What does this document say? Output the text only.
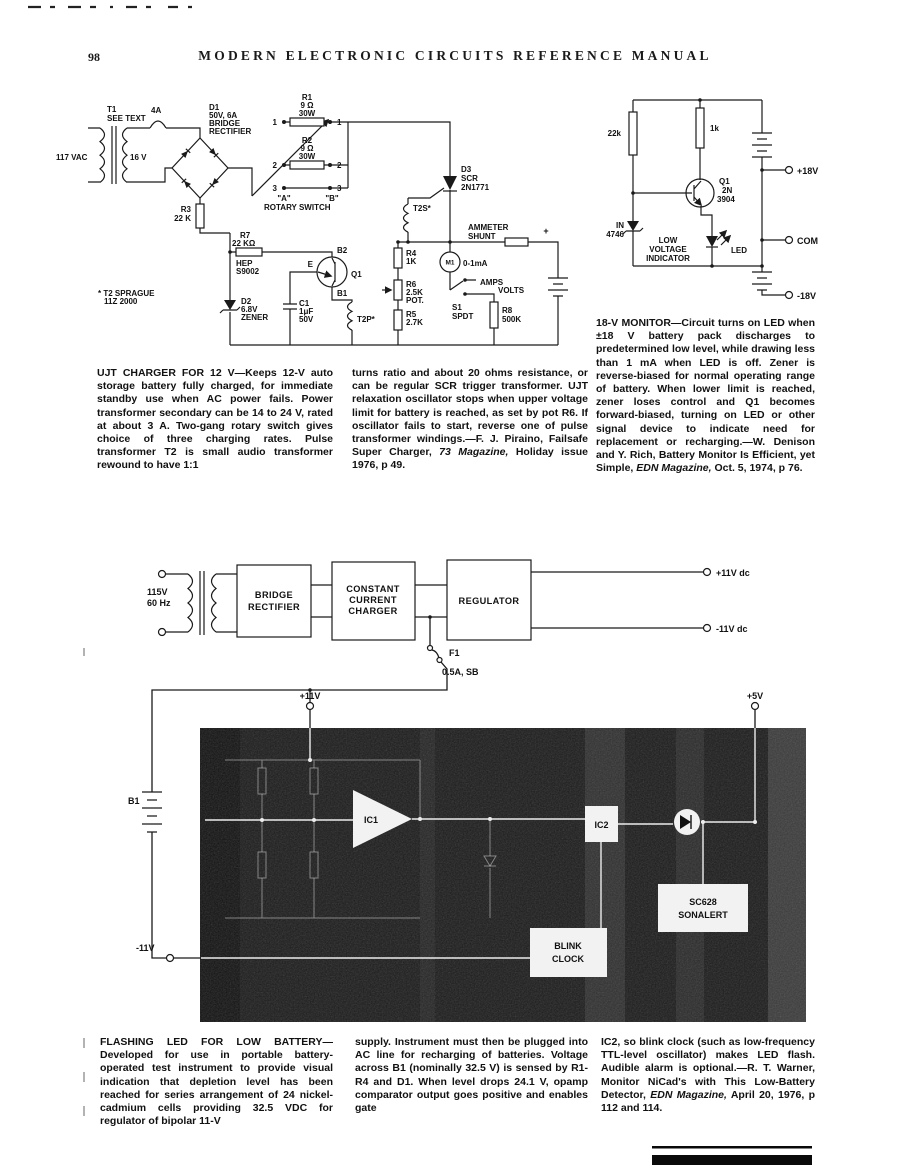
98	MODERN ELECTRONIC CIRCUITS REFERENCE MANUAL
T1
SEE TEXT
117 VAC	16 V
4A	D1
50V, 6A
BRIDGE
RECTIFIER
R3
22 K
R1
9 Ω
30W
R2
9 Ω
30W
1	1
2	2
3	3
"A"	"B"
ROTARY SWITCH
D3
SCR
2N1771
T2S*
AMMETER
SHUNT
M1 0-1mA
AMPS
VOLTS
S1
SPDT
R8
500K
R7
22 KΩ
HEP
S9002	Q1
B2
E
B1
R4
1K
R6
2.5K
POT.
R5
2.7K
D2
6.8V
ZENER
C1
1μF
50V	T2P*
* T2 SPRAGUE
11Z 2000
+
22k
1k
Q1
2N
3904
IN
4746
LOW
VOLTAGE
INDICATOR
LED
+18V
COM
-18V
115V
60 Hz
BRIDGE
RECTIFIER
CONSTANT
CURRENT
CHARGER
REGULATOR
+11V dc
-11V dc
F1
0.5A, SB
IC1	IC2
BLINK
CLOCK
SC628
SONALERT
B1
+11V	+5V
-11V

UJT CHARGER FOR 12 V—Keeps 12-V auto storage battery fully charged, for immediate standby use when AC power fails. Power transformer secondary can be 14 to 24 V, rated at about 3 A. Two-gang rotary switch gives choice of three charging rates. Pulse transformer T2 is small audio transformer rewound to have 1:1

turns ratio and about 20 ohms resistance, or can be regular SCR trigger transformer. UJT relaxation oscillator stops when upper voltage limit for battery is reached, as set by pot R6. If oscillator fails to start, reverse one of pulse transformer windings.—F. J. Piraino, Failsafe Super Charger, 73 Magazine, Holiday issue 1976, p 49.

18-V MONITOR—Circuit turns on LED when ±18 V battery pack discharges to predetermined low level, while drawing less than 1 mA when LED is off. Zener is reverse-biased for normal operating range of battery. When lower limit is reached, zener loses control and Q1 becomes forward-biased, turning on LED or other signal device to indicate need for replacement or recharging.—W. Denison and Y. Rich, Battery Monitor Is Efficient, yet Simple, EDN Magazine, Oct. 5, 1974, p 76.

FLASHING LED FOR LOW BATTERY—Developed for use in portable battery-operated test instrument to provide visual indication that depletion level has been reached for series arrangement of 24 nickel-cadmium cells providing 32.5 VDC for regulator of bipolar 11-V

supply. Instrument must then be plugged into AC line for recharging of batteries. Voltage across B1 (nominally 32.5 V) is sensed by R1-R4 and D1. When level drops 24.1 V, opamp comparator output goes positive and enables gate

IC2, so blink clock (such as low-frequency TTL-level oscillator) makes LED flash. Audible alarm is optional.—R. T. Warner, Monitor NiCad's with This Low-Battery Detector, EDN Magazine, April 20, 1976, p 112 and 114.
